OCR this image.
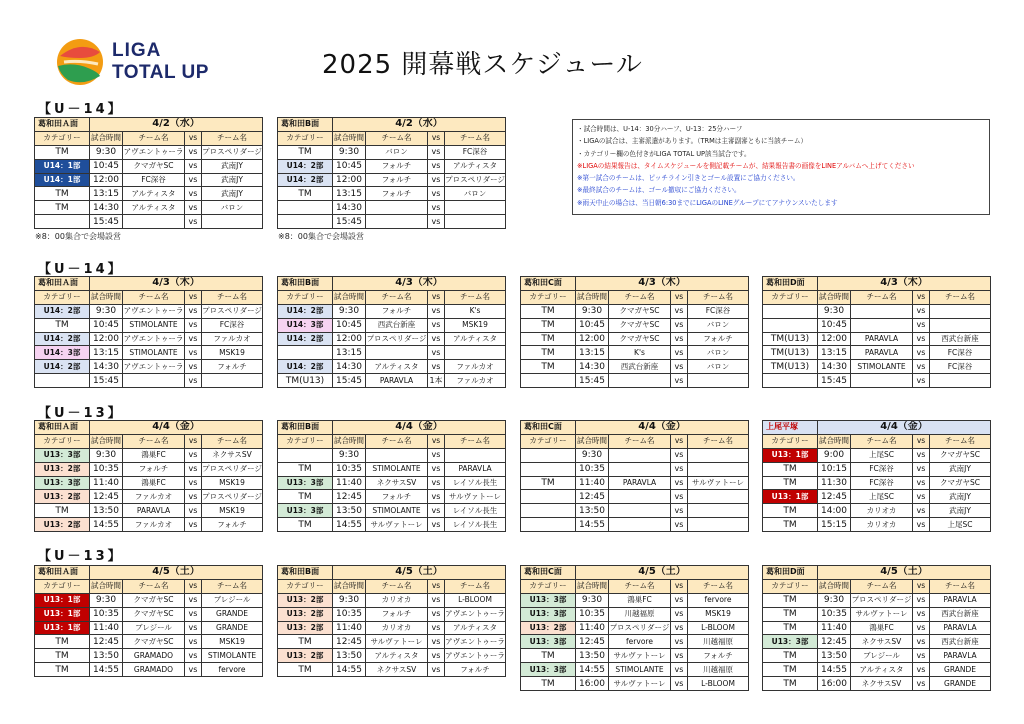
LIGA
TOTAL UP	2025 開幕戦スケジュール
【U－14】
【U－14】
【U－13】
【U－13】
※8：00集合で会場設営	※8：00集合で会場設営
・試合時間は、U-14：30分ハーフ、U-13：25分ハーフ
・LIGAの試合は、主審派遣があります。（TRMは主審副審ともに当該チーム）
・カテゴリー欄の色付きがLIGA TOTAL UP該当試合です。
※LIGAの結果報告は、タイムスケジュールを側記載チームが、結果報告書の画像をLINEアルバムへ上げてください
※第一試合のチームは、ピッチライン引きとゴール設置にご協力ください。
※最終試合のチームは、ゴール撤収にご協力ください。
※雨天中止の場合は、当日朝6:30までにLIGAのLINEグループにてアナウンスいたします
葛和田Ａ面	4/2（水）			
カテゴリー	試合時間	チーム名	vs	チーム名
TM	9:30	アヴエントゥーラ	vs	プロスペリダージ
U14：1部	10:45	クマガヤSC	vs	武南JY
U14：1部	12:00	FC深谷	vs	武南JY
TM	13:15	アルティスタ	vs	武南JY
TM	14:30	アルティスタ	vs	バロン
	15:45		vs	
葛和田B面	4/2（水）			
カテゴリー	試合時間	チーム名	vs	チーム名
TM	9:30	バロン	vs	FC深谷
U14：2部	10:45	フォルチ	vs	アルティスタ
U14：2部	12:00	フォルチ	vs	プロスペリダージ
TM	13:15	フォルチ	vs	バロン
	14:30		vs	
	15:45		vs	
葛和田Ａ面	4/3（木）			
カテゴリー	試合時間	チーム名	vs	チーム名
U14：2部	9:30	アヴエントゥーラ	vs	プロスペリダージ
TM	10:45	STIMOLANTE	vs	FC深谷
U14：2部	12:00	アヴエントゥーラ	vs	ファルカオ
U14：3部	13:15	STIMOLANTE	vs	MSK19
U14：2部	14:30	アヴエントゥーラ	vs	フォルチ
	15:45		vs	
葛和田B面	4/3（木）			
カテゴリー	試合時間	チーム名	vs	チーム名
U14：2部	9:30	フォルチ	vs	K's
U14：3部	10:45	西武台新座	vs	MSK19
U14：2部	12:00	プロスペリダージ	vs	アルティスタ
	13:15		vs	
U14：2部	14:30	アルティスタ	vs	ファルカオ
TM(U13)	15:45	PARAVLA	1本	ファルカオ
葛和田C面	4/3（木）			
カテゴリー	試合時間	チーム名	vs	チーム名
TM	9:30	クマガヤSC	vs	FC深谷
TM	10:45	クマガヤSC	vs	バロン
TM	12:00	クマガヤSC	vs	フォルチ
TM	13:15	K's	vs	バロン
TM	14:30	西武台新座	vs	バロン
	15:45		vs	
葛和田D面	4/3（木）			
カテゴリー	試合時間	チーム名	vs	チーム名
	9:30		vs	
	10:45		vs	
TM(U13)	12:00	PARAVLA	vs	西武台新座
TM(U13)	13:15	PARAVLA	vs	FC深谷
TM(U13)	14:30	STIMOLANTE	vs	FC深谷
	15:45		vs	
葛和田Ａ面	4/4（金）			
カテゴリー	試合時間	チーム名	vs	チーム名
U13：3部	9:30	鴻巣FC	vs	ネクサスSV
U13：2部	10:35	フォルチ	vs	プロスペリダージ
U13：3部	11:40	鴻巣FC	vs	MSK19
U13：2部	12:45	ファルカオ	vs	プロスペリダージ
TM	13:50	PARAVLA	vs	MSK19
U13：2部	14:55	ファルカオ	vs	フォルチ
葛和田B面	4/4（金）			
カテゴリー	試合時間	チーム名	vs	チーム名
	9:30		vs	
TM	10:35	STIMOLANTE	vs	PARAVLA
U13：3部	11:40	ネクサスSV	vs	レイソル長生
TM	12:45	フォルチ	vs	サルヴァトーレ
U13：3部	13:50	STIMOLANTE	vs	レイソル長生
TM	14:55	サルヴァトーレ	vs	レイソル長生
葛和田C面	4/4（金）			
カテゴリー	試合時間	チーム名	vs	チーム名
	9:30		vs	
	10:35		vs	
TM	11:40	PARAVLA	vs	サルヴァトーレ
	12:45		vs	
	13:50		vs	
	14:55		vs	
上尾平塚	4/4（金）			
カテゴリー	試合時間	チーム名	vs	チーム名
U13：1部	9:00	上尾SC	vs	クマガヤSC
TM	10:15	FC深谷	vs	武南JY
TM	11:30	FC深谷	vs	クマガヤSC
U13：1部	12:45	上尾SC	vs	武南JY
TM	14:00	カリオカ	vs	武南JY
TM	15:15	カリオカ	vs	上尾SC
葛和田Ａ面	4/5（土）			
カテゴリー	試合時間	チーム名	vs	チーム名
U13：1部	9:30	クマガヤSC	vs	ブレジール
U13：1部	10:35	クマガヤSC	vs	GRANDE
U13：1部	11:40	ブレジール	vs	GRANDE
TM	12:45	クマガヤSC	vs	MSK19
TM	13:50	GRAMADO	vs	STIMOLANTE
TM	14:55	GRAMADO	vs	fervore
葛和田B面	4/5（土）			
カテゴリー	試合時間	チーム名	vs	チーム名
U13：2部	9:30	カリオカ	vs	L-BLOOM
U13：2部	10:35	フォルチ	vs	アヴエントゥーラ
U13：2部	11:40	カリオカ	vs	アルティスタ
TM	12:45	サルヴァトーレ	vs	アヴエントゥーラ
U13：2部	13:50	アルティスタ	vs	アヴエントゥーラ
TM	14:55	ネクサスSV	vs	フォルチ
葛和田C面	4/5（土）			
カテゴリー	試合時間	チーム名	vs	チーム名
U13：3部	9:30	鴻巣FC	vs	fervore
U13：3部	10:35	川越福原	vs	MSK19
U13：2部	11:40	プロスペリダージ	vs	L-BLOOM
U13：3部	12:45	fervore	vs	川越福原
TM	13:50	サルヴァトーレ	vs	フォルチ
U13：3部	14:55	STIMOLANTE	vs	川越福原
TM	16:00	サルヴァトーレ	vs	L-BLOOM
葛和田D面	4/5（土）			
カテゴリー	試合時間	チーム名	vs	チーム名
TM	9:30	プロスペリダージ	vs	PARAVLA
TM	10:35	サルヴァトーレ	vs	西武台新座
TM	11:40	鴻巣FC	vs	PARAVLA
U13：3部	12:45	ネクサスSV	vs	西武台新座
TM	13:50	ブレジール	vs	PARAVLA
TM	14:55	アルティスタ	vs	GRANDE
TM	16:00	ネクサスSV	vs	GRANDE
